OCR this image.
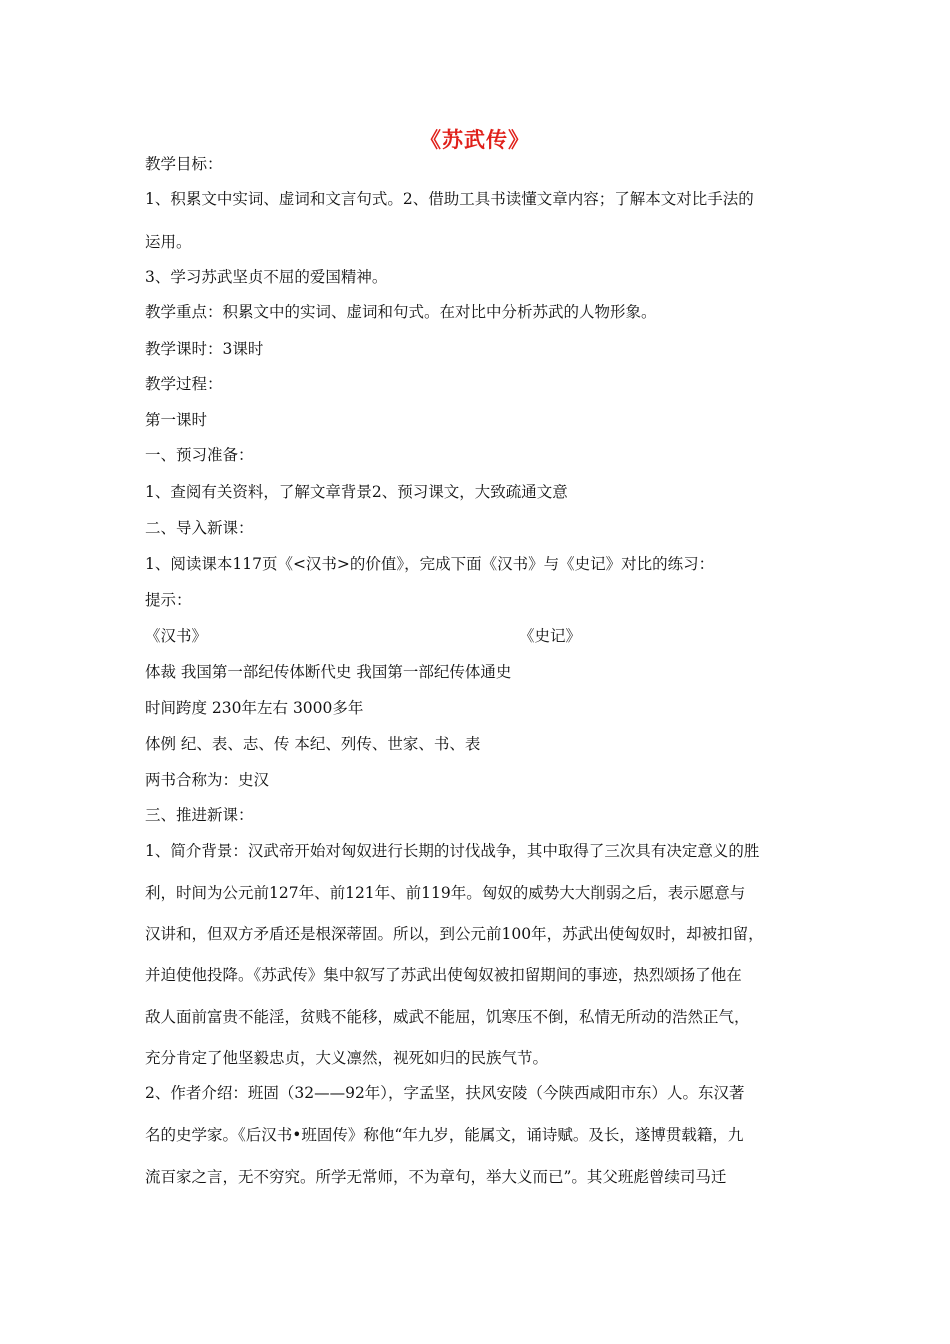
《苏武传》
教学目标：
1、积累文中实词、虚词和文言句式。2、借助工具书读懂文章内容；了解本文对比手法的
运用。
3、学习苏武坚贞不屈的爱国精神。
教学重点：积累文中的实词、虚词和句式。在对比中分析苏武的人物形象。
教学课时：3课时
教学过程：
第一课时
一、预习准备：
1、查阅有关资料，了解文章背景2、预习课文，大致疏通文意
二、导入新课：
1、阅读课本117页《<汉书>的价值》，完成下面《汉书》与《史记》对比的练习：
提示：
《汉书》	《史记》
体裁 我国第一部纪传体断代史 我国第一部纪传体通史
时间跨度 230年左右 3000多年
体例 纪、表、志、传 本纪、列传、世家、书、表
两书合称为：史汉
三、推进新课：
1、简介背景：汉武帝开始对匈奴进行长期的讨伐战争，其中取得了三次具有决定意义的胜
利，时间为公元前127年、前121年、前119年。匈奴的威势大大削弱之后，表示愿意与
汉讲和，但双方矛盾还是根深蒂固。所以，到公元前100年，苏武出使匈奴时，却被扣留，
并迫使他投降。《苏武传》集中叙写了苏武出使匈奴被扣留期间的事迹，热烈颂扬了他在
敌人面前富贵不能淫，贫贱不能移，威武不能屈，饥寒压不倒，私情无所动的浩然正气，
充分肯定了他坚毅忠贞，大义凛然，视死如归的民族气节。
2、作者介绍：班固（32——92年），字孟坚，扶风安陵（今陕西咸阳市东）人。东汉著
名的史学家。《后汉书•班固传》称他“年九岁，能属文，诵诗赋。及长，遂博贯载籍，九
流百家之言，无不穷究。所学无常师，不为章句，举大义而已”。其父班彪曾续司马迁
